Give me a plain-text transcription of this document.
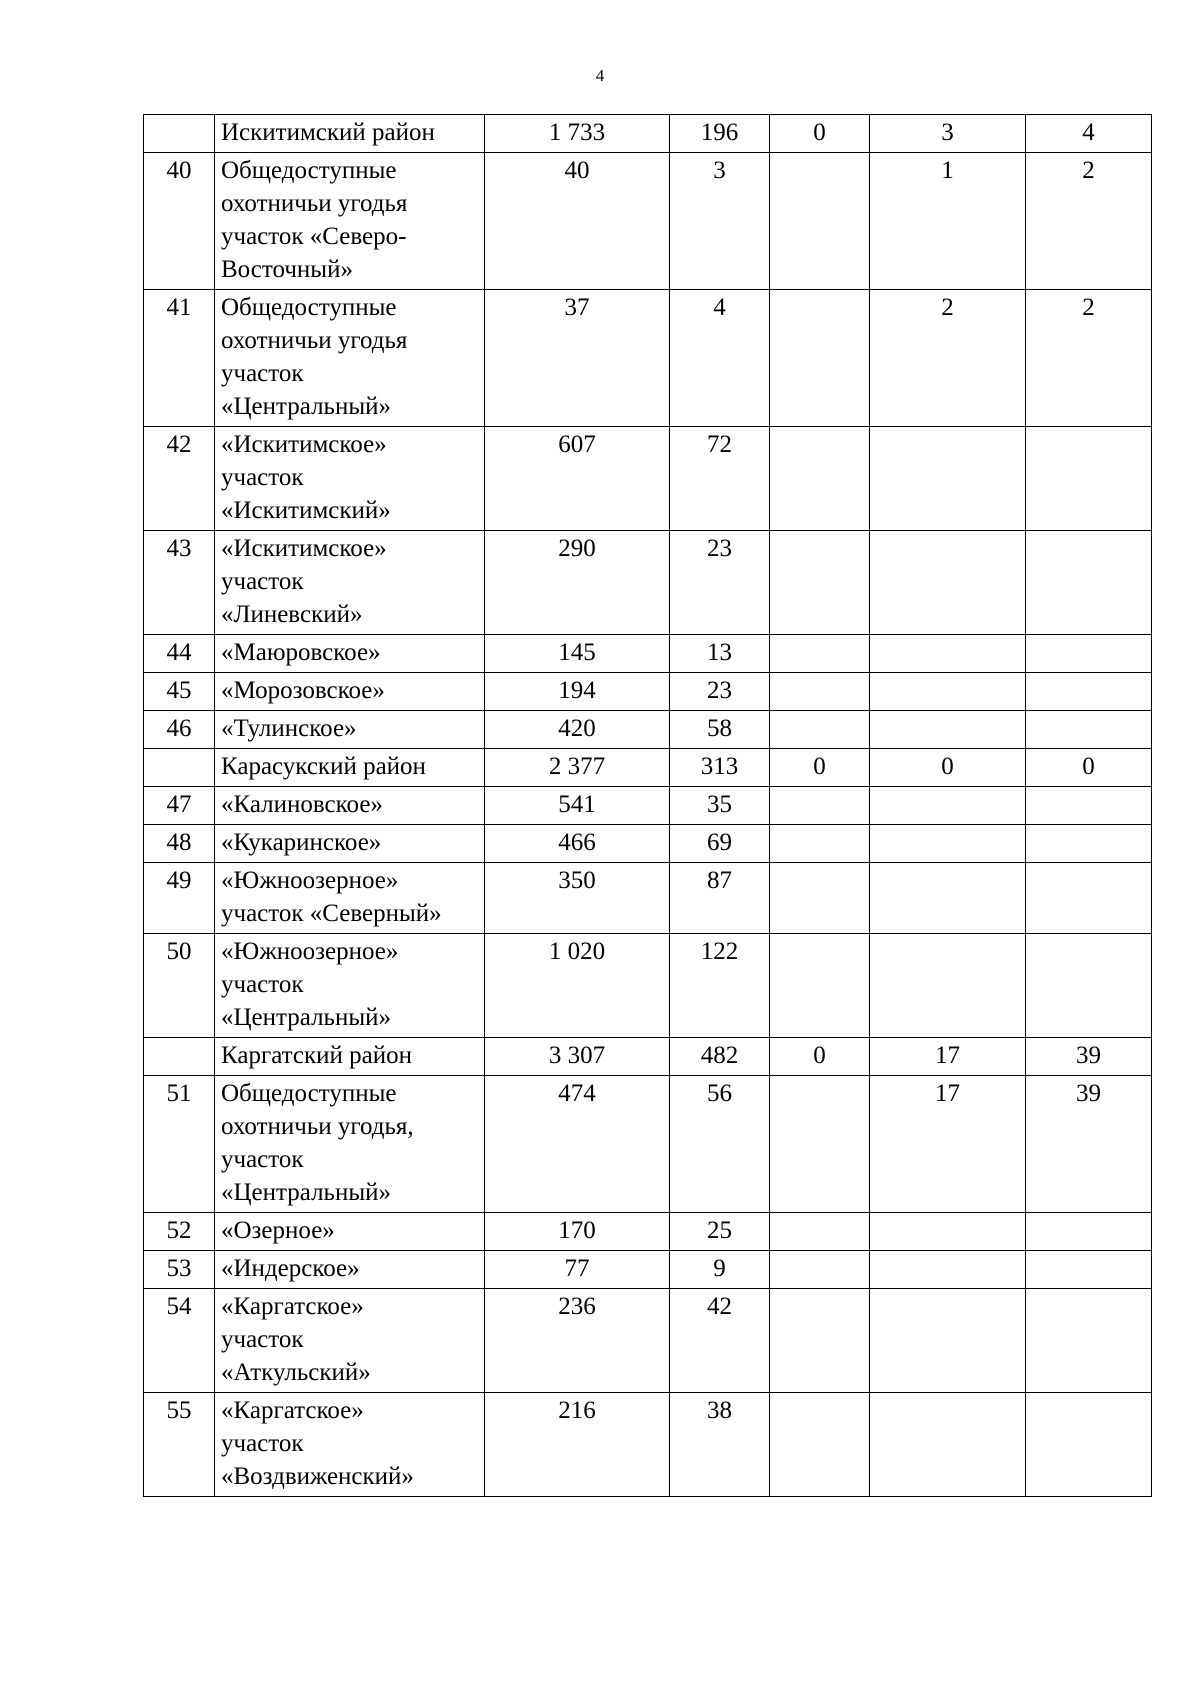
4
	Искитимский район	1 733	196	0	3	4
40	Общедоступные охотничьи угодья участок «Северо-Восточный»	40	3		1	2
41	Общедоступные охотничьи угодья участок «Центральный»	37	4		2	2
42	«Искитимское» участок «Искитимский»	607	72			
43	«Искитимское» участок «Линевский»	290	23			
44	«Маюровское»	145	13			
45	«Морозовское»	194	23			
46	«Тулинское»	420	58			
	Карасукский район	2 377	313	0	0	0
47	«Калиновское»	541	35			
48	«Кукаринское»	466	69			
49	«Южноозерное» участок «Северный»	350	87			
50	«Южноозерное» участок «Центральный»	1 020	122			
	Каргатский район	3 307	482	0	17	39
51	Общедоступные охотничьи угодья, участок «Центральный»	474	56		17	39
52	«Озерное»	170	25			
53	«Индерское»	77	9			
54	«Каргатское» участок «Аткульский»	236	42			
55	«Каргатское» участок «Воздвиженский»	216	38			
